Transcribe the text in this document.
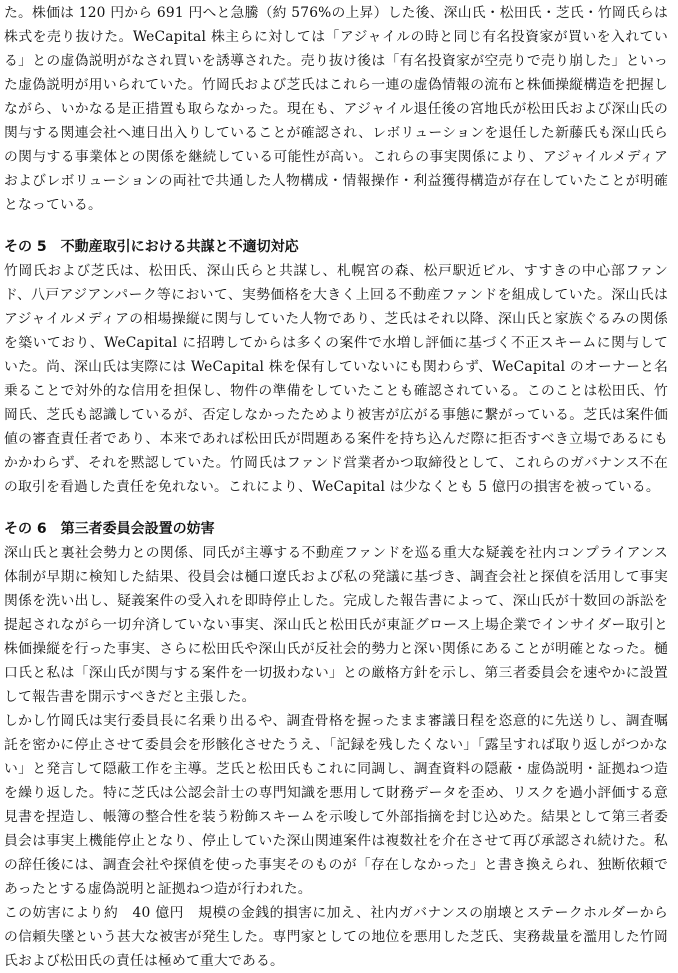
た。株価は 120 円から 691 円へと急騰（約 576%の上昇）した後、深山氏・松田氏・芝氏・竹岡氏らは株式を売り抜けた。WeCapital 株主らに対しては「アジャイルの時と同じ有名投資家が買いを入れている」との虚偽説明がなされ買いを誘導された。売り抜け後は「有名投資家が空売りで売り崩した」といった虚偽説明が用いられていた。竹岡氏および芝氏はこれら一連の虚偽情報の流布と株価操縦構造を把握しながら、いかなる是正措置も取らなかった。現在も、アジャイル退任後の宮地氏が松田氏および深山氏の関与する関連会社へ連日出入りしていることが確認され、レボリューションを退任した新藤氏も深山氏らの関与する事業体との関係を継続している可能性が高い。これらの事実関係により、アジャイルメディアおよびレボリューションの両社で共通した人物構成・情報操作・利益獲得構造が存在していたことが明確となっている。

その 5　不動産取引における共謀と不適切対応

竹岡氏および芝氏は、松田氏、深山氏らと共謀し、札幌宮の森、松戸駅近ビル、すすきの中心部ファンド、八戸アジアンパーク等において、実勢価格を大きく上回る不動産ファンドを組成していた。深山氏はアジャイルメディアの相場操縦に関与していた人物であり、芝氏はそれ以降、深山氏と家族ぐるみの関係を築いており、WeCapital に招聘してからは多くの案件で水増し評価に基づく不正スキームに関与していた。尚、深山氏は実際には WeCapital 株を保有していないにも関わらず、WeCapital のオーナーと名乗ることで対外的な信用を担保し、物件の準備をしていたことも確認されている。このことは松田氏、竹岡氏、芝氏も認識しているが、否定しなかったためより被害が広がる事態に繋がっている。芝氏は案件価値の審査責任者であり、本来であれば松田氏が問題ある案件を持ち込んだ際に拒否すべき立場であるにもかかわらず、それを黙認していた。竹岡氏はファンド営業者かつ取締役として、これらのガバナンス不在の取引を看過した責任を免れない。これにより、WeCapital は少なくとも 5 億円の損害を被っている。

その 6　第三者委員会設置の妨害

深山氏と裏社会勢力との関係、同氏が主導する不動産ファンドを巡る重大な疑義を社内コンプライアンス体制が早期に検知した結果、役員会は樋口遼氏および私の発議に基づき、調査会社と探偵を活用して事実関係を洗い出し、疑義案件の受入れを即時停止した。完成した報告書によって、深山氏が十数回の訴訟を提起されながら一切弁済していない事実、深山氏と松田氏が東証グロース上場企業でインサイダー取引と株価操縦を行った事実、さらに松田氏や深山氏が反社会的勢力と深い関係にあることが明確となった。樋口氏と私は「深山氏が関与する案件を一切扱わない」との厳格方針を示し、第三者委員会を速やかに設置して報告書を開示すべきだと主張した。

しかし竹岡氏は実行委員長に名乗り出るや、調査骨格を握ったまま審議日程を恣意的に先送りし、調査嘱託を密かに停止させて委員会を形骸化させたうえ、「記録を残したくない」「露呈すれば取り返しがつかない」と発言して隠蔽工作を主導。芝氏と松田氏もこれに同調し、調査資料の隠蔽・虚偽説明・証拠ねつ造を繰り返した。特に芝氏は公認会計士の専門知識を悪用して財務データを歪め、リスクを過小評価する意見書を捏造し、帳簿の整合性を装う粉飾スキームを示唆して外部指摘を封じ込めた。結果として第三者委員会は事実上機能停止となり、停止していた深山関連案件は複数社を介在させて再び承認され続けた。私の辞任後には、調査会社や探偵を使った事実そのものが「存在しなかった」と書き換えられ、独断依頼であったとする虚偽説明と証拠ねつ造が行われた。

この妨害により約　40 億円　規模の金銭的損害に加え、社内ガバナンスの崩壊とステークホルダーからの信頼失墜という甚大な被害が発生した。専門家としての地位を悪用した芝氏、実務裁量を濫用した竹岡氏および松田氏の責任は極めて重大である。
